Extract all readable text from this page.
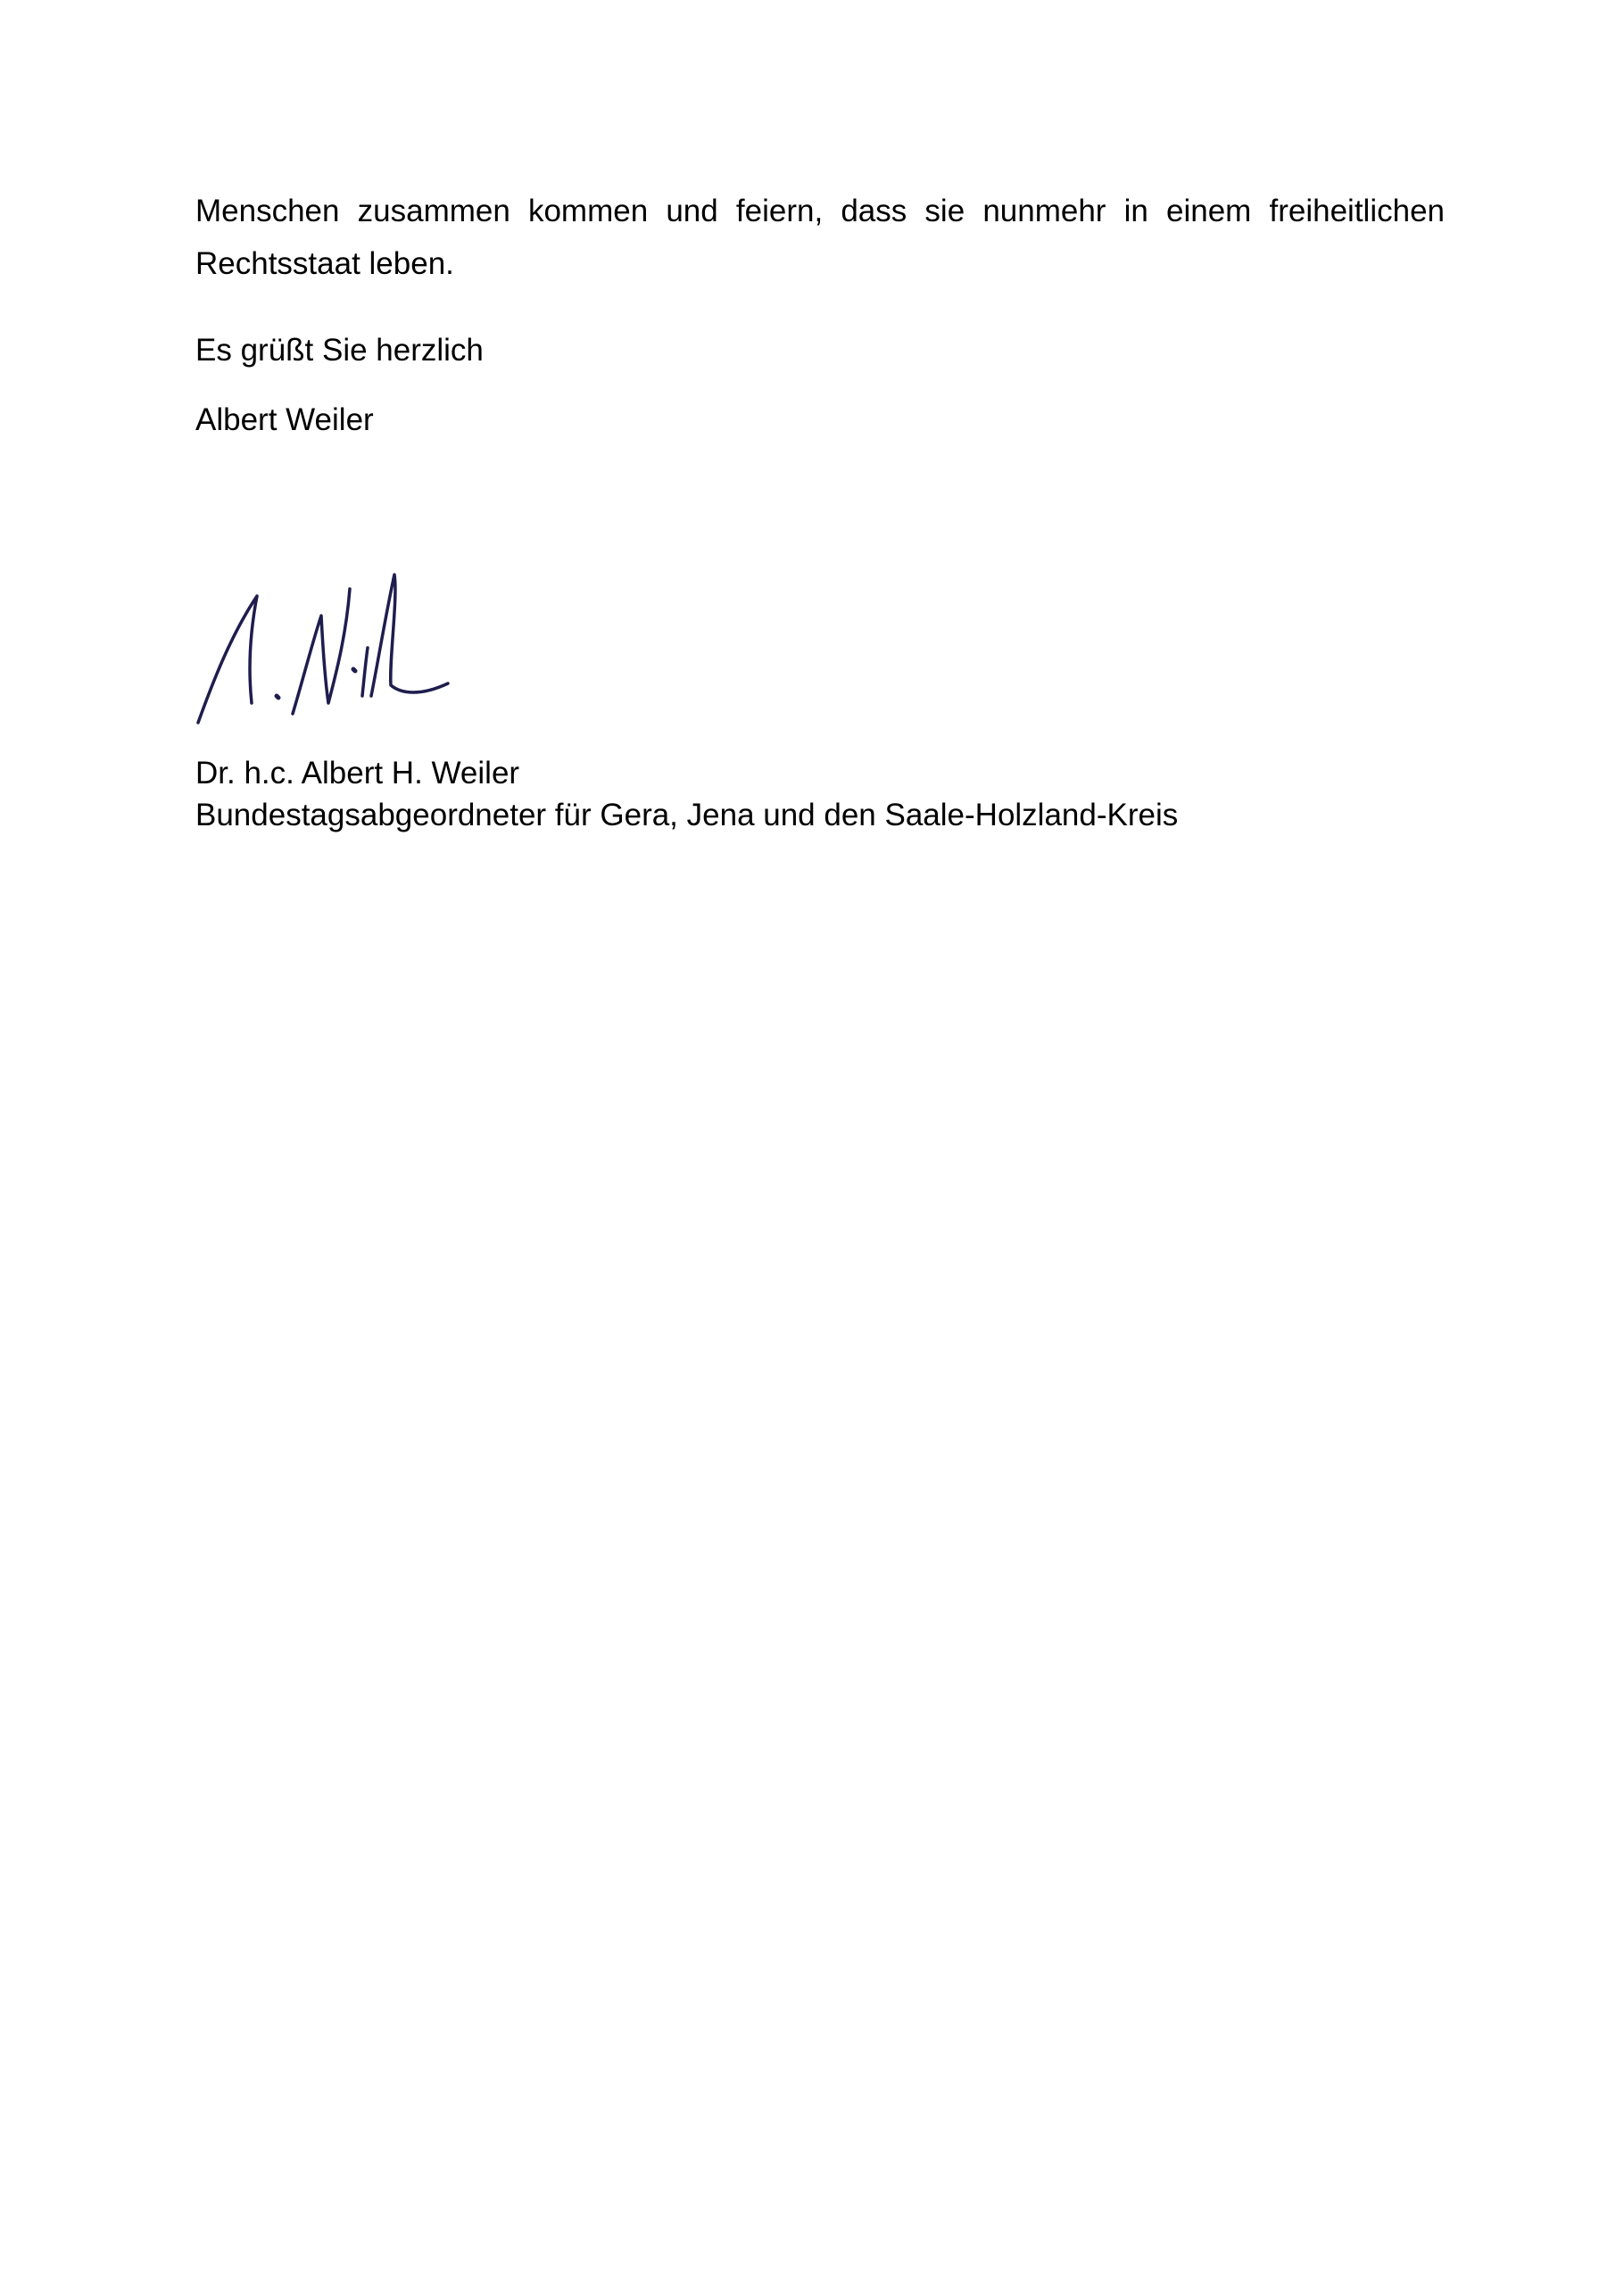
Menschen zusammen kommen und feiern, dass sie nunmehr in einem freiheitlichen Rechtsstaat leben.

Es grüßt Sie herzlich

Albert Weiler

Dr. h.c. Albert H. Weiler
Bundestagsabgeordneter für Gera, Jena und den Saale-Holzland-Kreis
